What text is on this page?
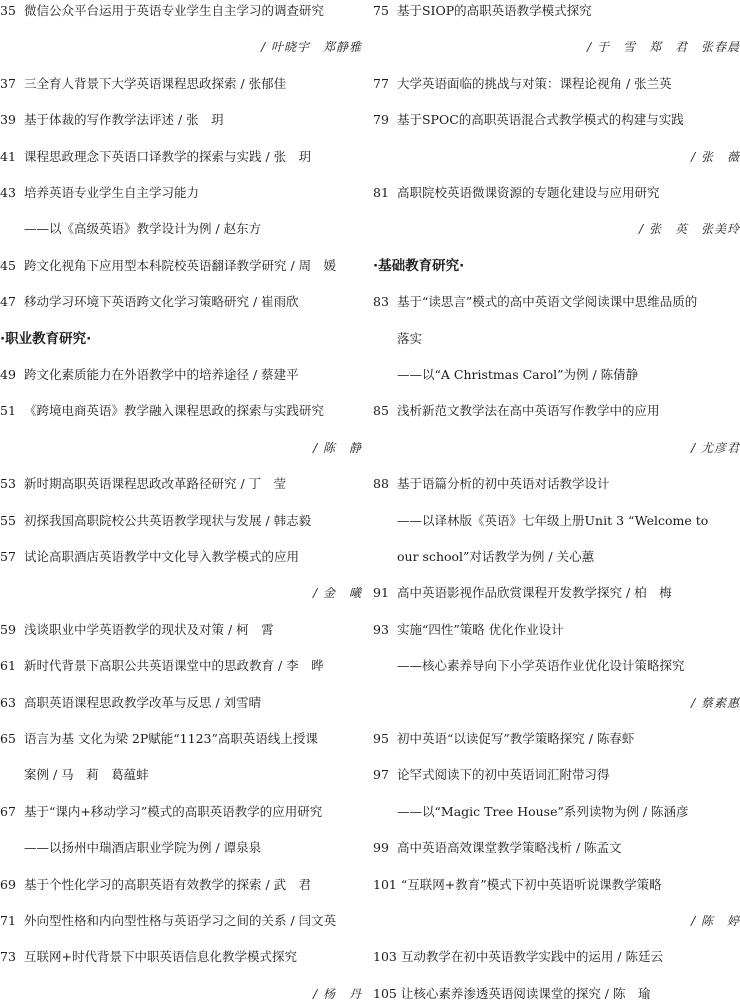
35 微信公众平台运用于英语专业学生自主学习的调查研究
/ 叶晓宇　郑静雅
37 三全育人背景下大学英语课程思政探索 / 张郁佳
39 基于体裁的写作教学法评述 / 张　玥
41 课程思政理念下英语口译教学的探索与实践 / 张　玥
43 培养英语专业学生自主学习能力
——以《高级英语》教学设计为例 / 赵东方
45 跨文化视角下应用型本科院校英语翻译教学研究 / 周　媛
47 移动学习环境下英语跨文化学习策略研究 / 崔雨欣
·职业教育研究·
49 跨文化素质能力在外语教学中的培养途径 / 蔡建平
51 《跨境电商英语》教学融入课程思政的探索与实践研究
/ 陈　静
53 新时期高职英语课程思政改革路径研究 / 丁　莹
55 初探我国高职院校公共英语教学现状与发展 / 韩志毅
57 试论高职酒店英语教学中文化导入教学模式的应用
/ 金　曦
59 浅谈职业中学英语教学的现状及对策 / 柯　霄
61 新时代背景下高职公共英语课堂中的思政教育 / 李　晔
63 高职英语课程思政教学改革与反思 / 刘雪晴
65 语言为基 文化为梁 2P赋能“1123”高职英语线上授课
案例 / 马　莉　葛蕴蚌
67 基于“课内+移动学习”模式的高职英语教学的应用研究
——以扬州中瑞酒店职业学院为例 / 谭泉泉
69 基于个性化学习的高职英语有效教学的探索 / 武　君
71 外向型性格和内向型性格与英语学习之间的关系 / 闫文英
73 互联网+时代背景下中职英语信息化教学模式探究
/ 杨　丹
75 基于SIOP的高职英语教学模式探究
/ 于　雪　郑　君　张春晨
77 大学英语面临的挑战与对策：课程论视角 / 张兰英
79 基于SPOC的高职英语混合式教学模式的构建与实践
/ 张　薇
81 高职院校英语微课资源的专题化建设与应用研究
/ 张　英　张美玲
·基础教育研究·
83 基于“读思言”模式的高中英语文学阅读课中思维品质的
落实
——以“A Christmas Carol”为例 / 陈倩静
85 浅析新范文教学法在高中英语写作教学中的应用
/ 尤彦君
88 基于语篇分析的初中英语对话教学设计
——以译林版《英语》七年级上册Unit 3 “Welcome to
our school”对话教学为例 / 关心蕙
91 高中英语影视作品欣赏课程开发教学探究 / 柏　梅
93 实施“四性”策略 优化作业设计
——核心素养导向下小学英语作业优化设计策略探究
/ 蔡素惠
95 初中英语“以读促写”教学策略探究 / 陈春虾
97 论罕式阅读下的初中英语词汇附带习得
——以“Magic Tree House”系列读物为例 / 陈涵彦
99 高中英语高效课堂教学策略浅析 / 陈孟文
101 “互联网+教育”模式下初中英语听说课教学策略
/ 陈　婷
103 互动教学在初中英语教学实践中的运用 / 陈廷云
105 让核心素养渗透英语阅读课堂的探究 / 陈　瑜
